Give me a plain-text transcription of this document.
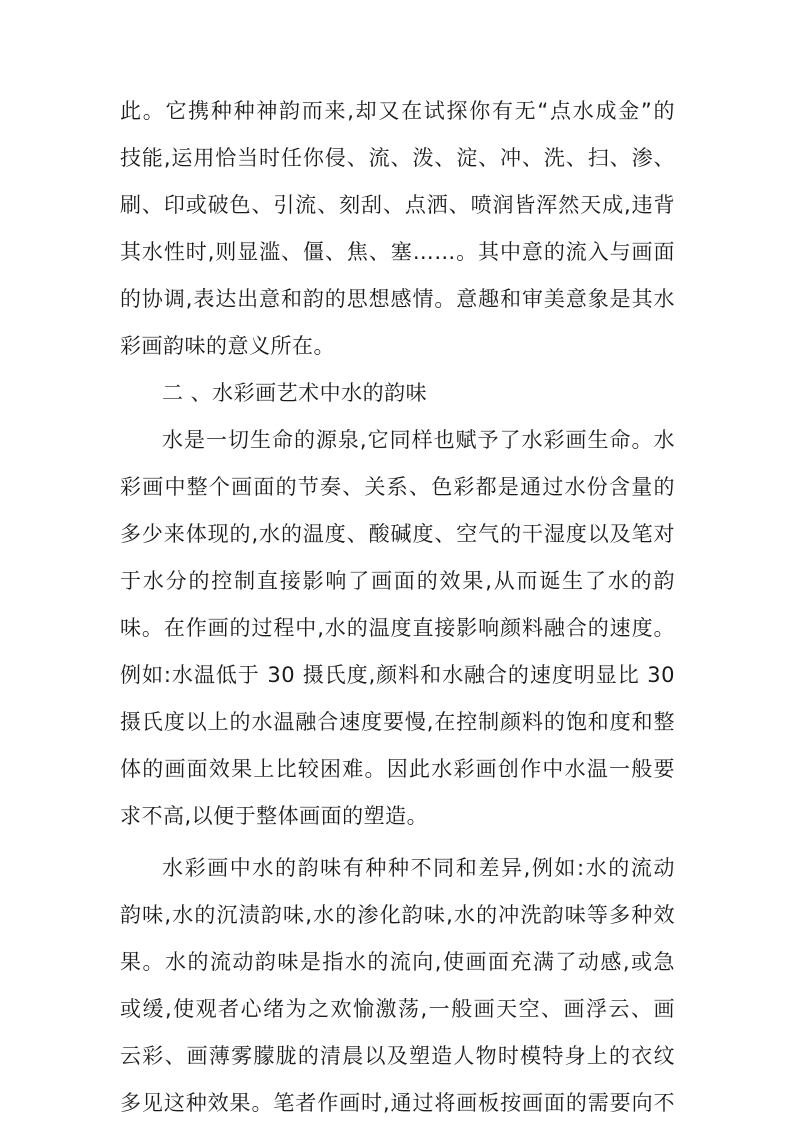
此。它携种种神韵而来,却又在试探你有无“点水成金”的
技能,运用恰当时任你侵、流、泼、淀、冲、洗、扫、渗、
刷、印或破色、引流、刻刮、点洒、喷润皆浑然天成,违背
其水性时,则显滥、僵、焦、塞……。其中意的流入与画面
的协调,表达出意和韵的思想感情。意趣和审美意象是其水
彩画韵味的意义所在。
二 、水彩画艺术中水的韵味
水是一切生命的源泉,它同样也赋予了水彩画生命。水
彩画中整个画面的节奏、关系、色彩都是通过水份含量的
多少来体现的,水的温度、酸碱度、空气的干湿度以及笔对
于水分的控制直接影响了画面的效果,从而诞生了水的韵
味。在作画的过程中,水的温度直接影响颜料融合的速度。
例如:水温低于 30 摄氏度,颜料和水融合的速度明显比 30
摄氏度以上的水温融合速度要慢,在控制颜料的饱和度和整
体的画面效果上比较困难。因此水彩画创作中水温一般要
求不高,以便于整体画面的塑造。
水彩画中水的韵味有种种不同和差异,例如:水的流动
韵味,水的沉渍韵味,水的渗化韵味,水的冲洗韵味等多种效
果。水的流动韵味是指水的流向,使画面充满了动感,或急
或缓,使观者心绪为之欢愉激荡,一般画天空、画浮云、画
云彩、画薄雾朦胧的清晨以及塑造人物时模特身上的衣纹
多见这种效果。笔者作画时,通过将画板按画面的需要向不
